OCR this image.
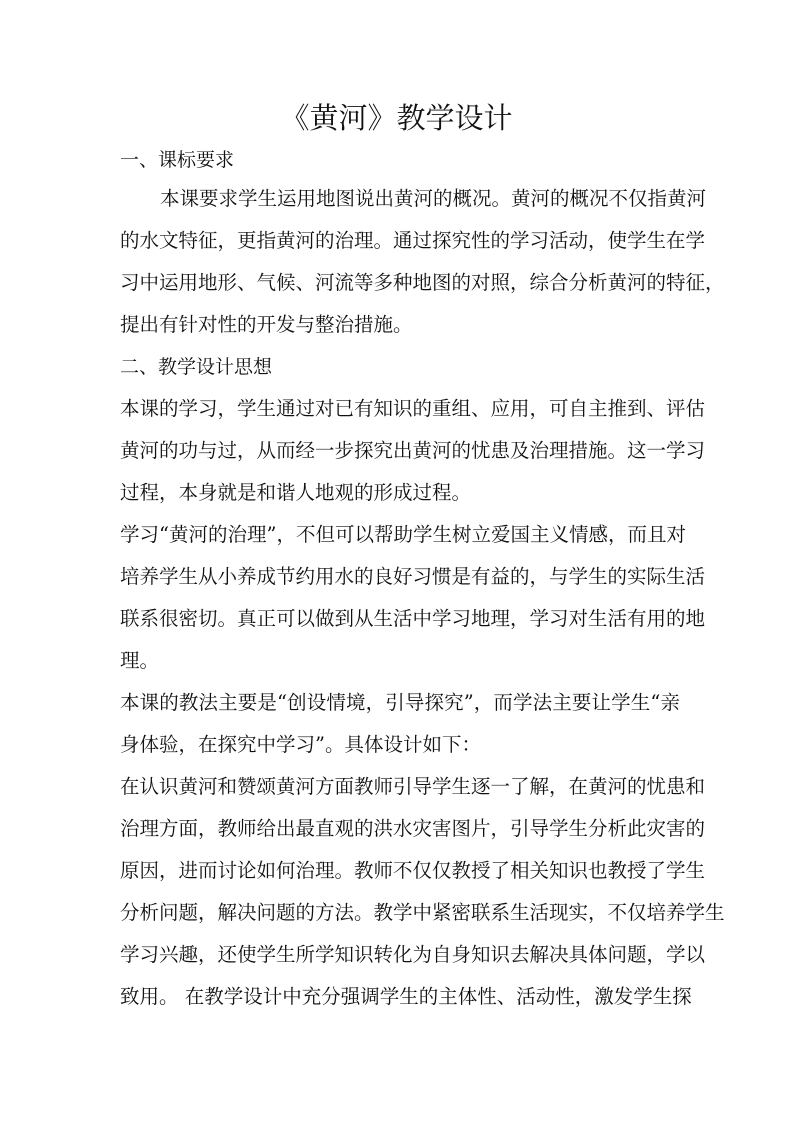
《黄河》教学设计
一、课标要求
本课要求学生运用地图说出黄河的概况。黄河的概况不仅指黄河
的水文特征，更指黄河的治理。通过探究性的学习活动，使学生在学
习中运用地形、气候、河流等多种地图的对照，综合分析黄河的特征，
提出有针对性的开发与整治措施。
二、教学设计思想
本课的学习，学生通过对已有知识的重组、应用，可自主推到、评估
黄河的功与过，从而经一步探究出黄河的忧患及治理措施。这一学习
过程，本身就是和谐人地观的形成过程。
学习“黄河的治理”，不但可以帮助学生树立爱国主义情感，而且对
培养学生从小养成节约用水的良好习惯是有益的，与学生的实际生活
联系很密切。真正可以做到从生活中学习地理，学习对生活有用的地
理。
本课的教法主要是“创设情境，引导探究”，而学法主要让学生“亲
身体验，在探究中学习”。具体设计如下：
在认识黄河和赞颂黄河方面教师引导学生逐一了解，在黄河的忧患和
治理方面，教师给出最直观的洪水灾害图片，引导学生分析此灾害的
原因，进而讨论如何治理。教师不仅仅教授了相关知识也教授了学生
分析问题，解决问题的方法。教学中紧密联系生活现实，不仅培养学生
学习兴趣，还使学生所学知识转化为自身知识去解决具体问题，学以
致用。 在教学设计中充分强调学生的主体性、活动性，激发学生探
